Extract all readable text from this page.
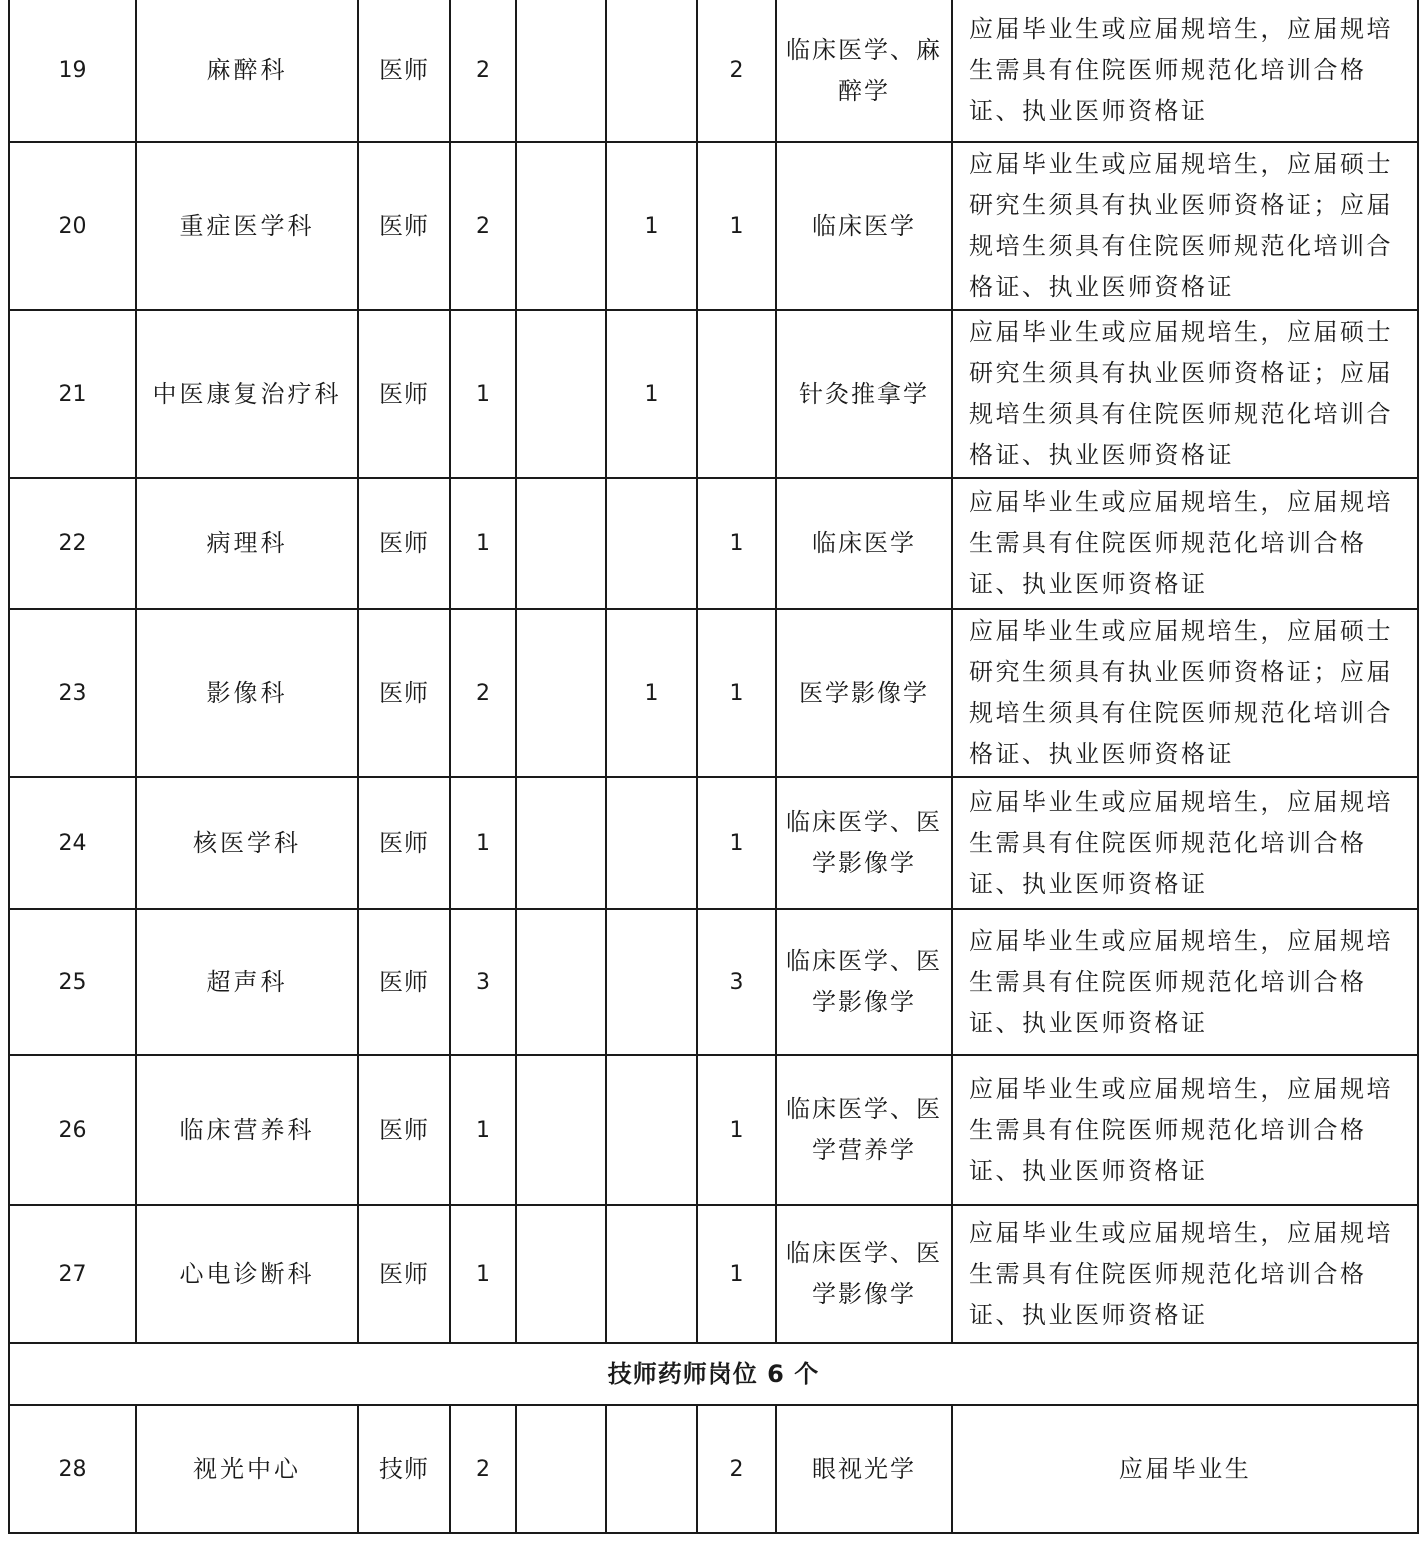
19	麻醉科	医师	2			2	临床医学、麻醉学	应届毕业生或应届规培生，应届规培生需具有住院医师规范化培训合格证、执业医师资格证
20	重症医学科	医师	2		1	1	临床医学	应届毕业生或应届规培生，应届硕士研究生须具有执业医师资格证；应届规培生须具有住院医师规范化培训合格证、执业医师资格证
21	中医康复治疗科	医师	1		1		针灸推拿学	应届毕业生或应届规培生，应届硕士研究生须具有执业医师资格证；应届规培生须具有住院医师规范化培训合格证、执业医师资格证
22	病理科	医师	1			1	临床医学	应届毕业生或应届规培生，应届规培生需具有住院医师规范化培训合格证、执业医师资格证
23	影像科	医师	2		1	1	医学影像学	应届毕业生或应届规培生，应届硕士研究生须具有执业医师资格证；应届规培生须具有住院医师规范化培训合格证、执业医师资格证
24	核医学科	医师	1			1	临床医学、医学影像学	应届毕业生或应届规培生，应届规培生需具有住院医师规范化培训合格证、执业医师资格证
25	超声科	医师	3			3	临床医学、医学影像学	应届毕业生或应届规培生，应届规培生需具有住院医师规范化培训合格证、执业医师资格证
26	临床营养科	医师	1			1	临床医学、医学营养学	应届毕业生或应届规培生，应届规培生需具有住院医师规范化培训合格证、执业医师资格证
27	心电诊断科	医师	1			1	临床医学、医学影像学	应届毕业生或应届规培生，应届规培生需具有住院医师规范化培训合格证、执业医师资格证
技师药师岗位 6 个								
28	视光中心	技师	2			2	眼视光学	应届毕业生
